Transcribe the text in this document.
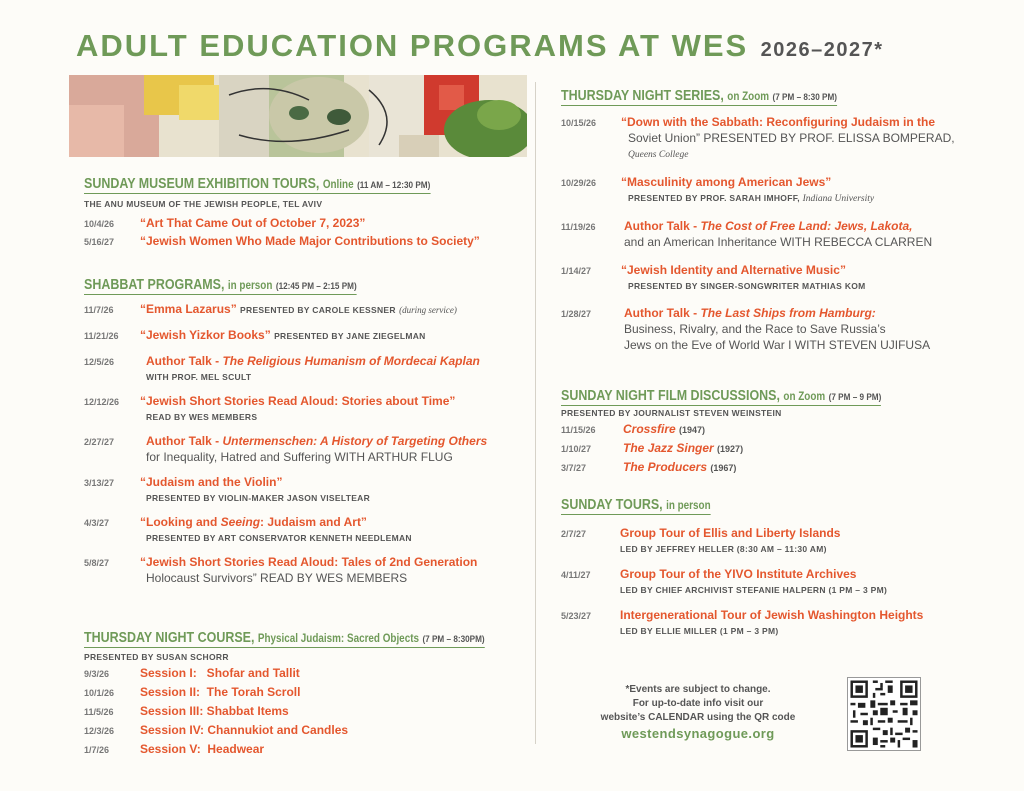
ADULT EDUCATION PROGRAMS AT WES 2026–2027*
SUNDAY MUSEUM EXHIBITION TOURS, Online (11 AM – 12:30 PM)
THE ANU MUSEUM OF THE JEWISH PEOPLE, TEL AVIV
10/4/26	“Art That Came Out of October 7, 2023”
5/16/27	“Jewish Women Who Made Major Contributions to Society”
SHABBAT PROGRAMS, in person (12:45 PM – 2:15 PM)
11/7/26	“Emma Lazarus” PRESENTED BY CAROLE KESSNER (during service)
11/21/26	“Jewish Yizkor Books” PRESENTED BY JANE ZIEGELMAN
12/5/26	Author Talk - The Religious Humanism of Mordecai Kaplan
WITH PROF. MEL SCULT
12/12/26	“Jewish Short Stories Read Aloud: Stories about Time”
READ BY WES MEMBERS
2/27/27	Author Talk - Untermenschen: A History of Targeting Others
for Inequality, Hatred and Suffering WITH ARTHUR FLUG
3/13/27	“Judaism and the Violin”
PRESENTED BY VIOLIN-MAKER JASON VISELTEAR
4/3/27	“Looking and Seeing: Judaism and Art”
PRESENTED BY ART CONSERVATOR KENNETH NEEDLEMAN
5/8/27	“Jewish Short Stories Read Aloud: Tales of 2nd Generation
Holocaust Survivors” READ BY WES MEMBERS
THURSDAY NIGHT COURSE, Physical Judaism: Sacred Objects (7 PM – 8:30PM)
PRESENTED BY SUSAN SCHORR
9/3/26	Session I:   Shofar and Tallit
10/1/26	Session II:  The Torah Scroll
11/5/26	Session III: Shabbat Items
12/3/26	Session IV: Channukiot and Candles
1/7/26	Session V:  Headwear
THURSDAY NIGHT SERIES, on Zoom (7 PM – 8:30 PM)
10/15/26	“Down with the Sabbath: Reconfiguring Judaism in the
Soviet Union” PRESENTED BY PROF. ELISSA BOMPERAD,
Queens College
10/29/26	“Masculinity among American Jews”
PRESENTED BY PROF. SARAH IMHOFF, Indiana University
11/19/26	Author Talk - The Cost of Free Land: Jews, Lakota,
and an American Inheritance WITH REBECCA CLARREN
1/14/27	“Jewish Identity and Alternative Music”
PRESENTED BY SINGER-SONGWRITER MATHIAS KOM
1/28/27	Author Talk - The Last Ships from Hamburg:
Business, Rivalry, and the Race to Save Russia’s
Jews on the Eve of World War I WITH STEVEN UJIFUSA
SUNDAY NIGHT FILM DISCUSSIONS, on Zoom (7 PM – 9 PM)
PRESENTED BY JOURNALIST STEVEN WEINSTEIN
11/15/26	Crossfire (1947)
1/10/27	The Jazz Singer (1927)
3/7/27	The Producers (1967)
SUNDAY TOURS, in person
2/7/27	Group Tour of Ellis and Liberty Islands
LED BY JEFFREY HELLER (8:30 AM – 11:30 AM)
4/11/27	Group Tour of the YIVO Institute Archives
LED BY CHIEF ARCHIVIST STEFANIE HALPERN (1 PM – 3 PM)
5/23/27	Intergenerational Tour of Jewish Washington Heights
LED BY ELLIE MILLER (1 PM – 3 PM)
*Events are subject to change.
For up-to-date info visit our
website’s CALENDAR using the QR code
westendsynagogue.org
